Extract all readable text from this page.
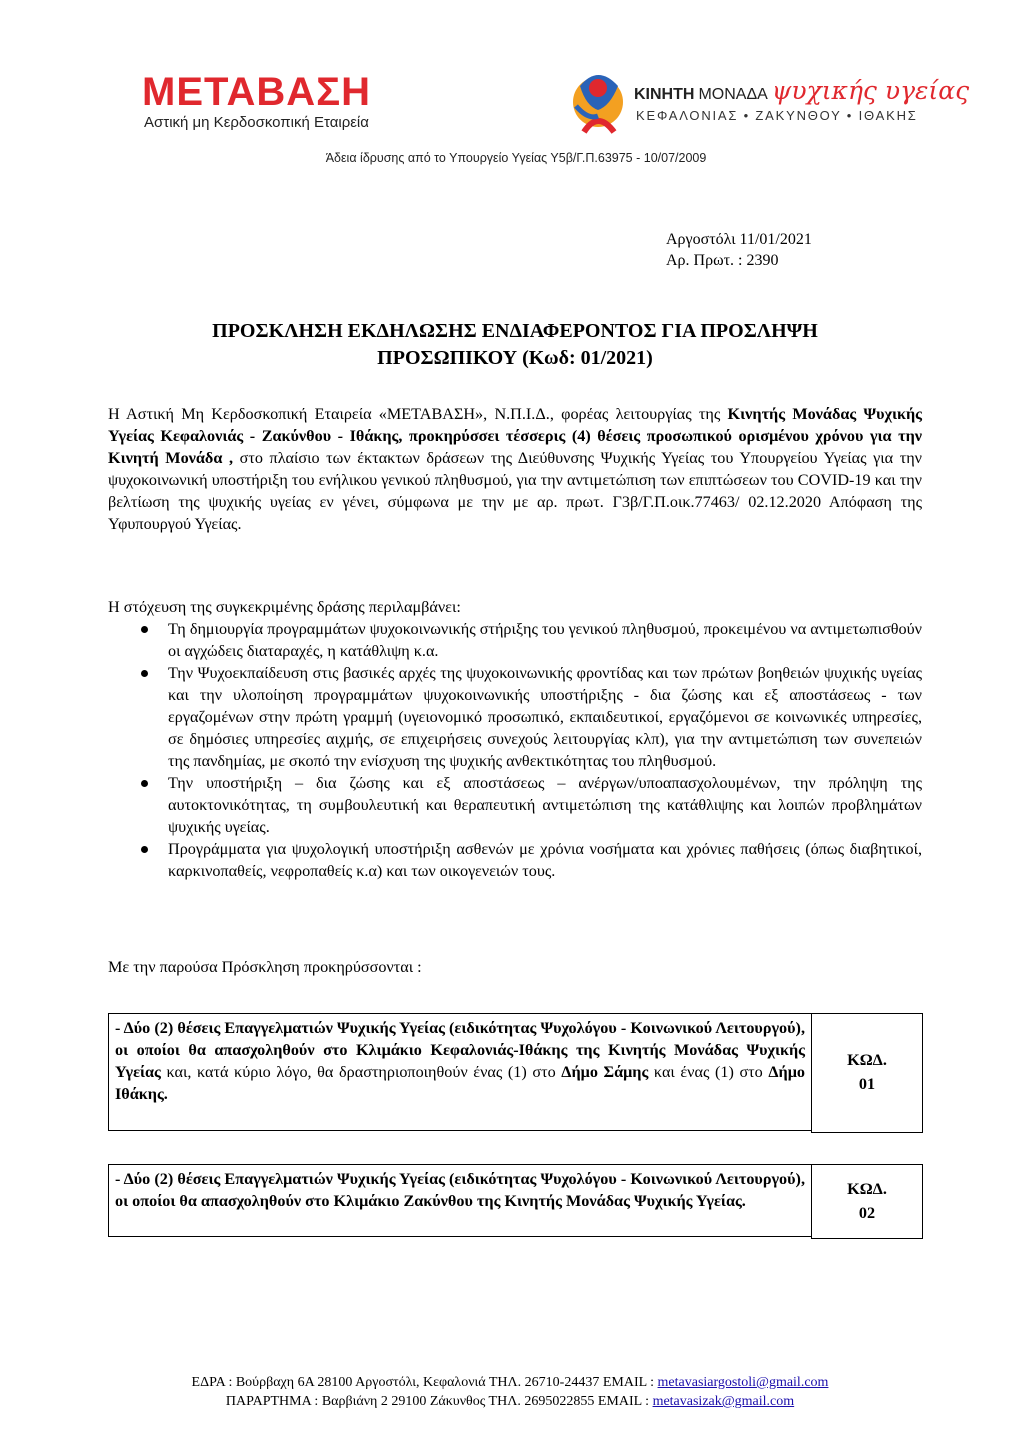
ΜΕΤΑΒΑΣΗ
Αστική μη Κερδοσκοπική Εταιρεία
ΚΙΝΗΤΗ ΜΟΝΑΔΑ ψυχικής υγείας
ΚΕΦΑΛΟΝΙΑΣ • ΖΑΚΥΝΘΟΥ • ΙΘΑΚΗΣ
Άδεια ίδρυσης από το Υπουργείο Υγείας Υ5β/Γ.Π.63975 - 10/07/2009
Αργοστόλι 11/01/2021
Αρ. Πρωτ. : 2390
ΠΡΟΣΚΛΗΣΗ ΕΚΔΗΛΩΣΗΣ ΕΝΔΙΑΦΕΡΟΝΤΟΣ ΓΙΑ ΠΡΟΣΛΗΨΗ
ΠΡΟΣΩΠΙΚΟΥ (Κωδ: 01/2021)
Η Αστική Μη Κερδοσκοπική Εταιρεία «ΜΕΤΑΒΑΣΗ», Ν.Π.Ι.Δ., φορέας λειτουργίας της Κινητής Μονάδας Ψυχικής Υγείας Κεφαλονιάς - Ζακύνθου - Ιθάκης, προκηρύσσει τέσσερις (4) θέσεις προσωπικού ορισμένου χρόνου για την Κινητή Μονάδα , στο πλαίσιο των έκτακτων δράσεων της Διεύθυνσης Ψυχικής Υγείας του Υπουργείου Υγείας για την ψυχοκοινωνική υποστήριξη του ενήλικου γενικού πληθυσμού, για την αντιμετώπιση των επιπτώσεων του COVID-19 και την βελτίωση της ψυχικής υγείας εν γένει, σύμφωνα με την με αρ. πρωτ. Γ3β/Γ.Π.οικ.77463/ 02.12.2020 Απόφαση της Υφυπουργού Υγείας.
Η στόχευση της συγκεκριμένης δράσης περιλαμβάνει:
Τη δημιουργία προγραμμάτων ψυχοκοινωνικής στήριξης του γενικού πληθυσμού, προκειμένου να αντιμετωπισθούν οι αγχώδεις διαταραχές, η κατάθλιψη κ.α.
Την Ψυχοεκπαίδευση στις βασικές αρχές της ψυχοκοινωνικής φροντίδας και των πρώτων βοηθειών ψυχικής υγείας και την υλοποίηση προγραμμάτων ψυχοκοινωνικής υποστήριξης - δια ζώσης και εξ αποστάσεως - των εργαζομένων στην πρώτη γραμμή (υγειονομικό προσωπικό, εκπαιδευτικοί, εργαζόμενοι σε κοινωνικές υπηρεσίες, σε δημόσιες υπηρεσίες αιχμής, σε επιχειρήσεις συνεχούς λειτουργίας κλπ), για την αντιμετώπιση των συνεπειών της πανδημίας, με σκοπό την ενίσχυση της ψυχικής ανθεκτικότητας του πληθυσμού.
Την υποστήριξη – δια ζώσης και εξ αποστάσεως – ανέργων/υποαπασχολουμένων, την πρόληψη της αυτοκτονικότητας, τη συμβουλευτική και θεραπευτική αντιμετώπιση της κατάθλιψης και λοιπών προβλημάτων ψυχικής υγείας.
Προγράμματα για ψυχολογική υποστήριξη ασθενών με χρόνια νοσήματα και χρόνιες παθήσεις (όπως διαβητικοί, καρκινοπαθείς, νεφροπαθείς κ.α) και των οικογενειών τους.
Με την παρούσα Πρόσκληση προκηρύσσονται :
- Δύο (2) θέσεις Επαγγελματιών Ψυχικής Υγείας (ειδικότητας Ψυχολόγου - Κοινωνικού Λειτουργού), οι οποίοι θα απασχοληθούν στο Κλιμάκιο Κεφαλονιάς-Ιθάκης της Κινητής Μονάδας Ψυχικής Υγείας και, κατά κύριο λόγο, θα δραστηριοποιηθούν ένας (1) στο Δήμο Σάμης και ένας (1) στο Δήμο Ιθάκης.
ΚΩΔ.
01
- Δύο (2) θέσεις Επαγγελματιών Ψυχικής Υγείας (ειδικότητας Ψυχολόγου - Κοινωνικού Λειτουργού), οι οποίοι θα απασχοληθούν στο Κλιμάκιο Ζακύνθου της Κινητής Μονάδας Ψυχικής Υγείας.
ΚΩΔ.
02
ΕΔΡΑ : Βούρβαχη 6Α 28100 Αργοστόλι, Κεφαλονιά ΤΗΛ. 26710-24437 EMAIL : metavasiargostoli@gmail.com
ΠΑΡΑΡΤΗΜΑ : Βαρβιάνη 2 29100 Ζάκυνθος ΤΗΛ. 2695022855 EMAIL : metavasizak@gmail.com
